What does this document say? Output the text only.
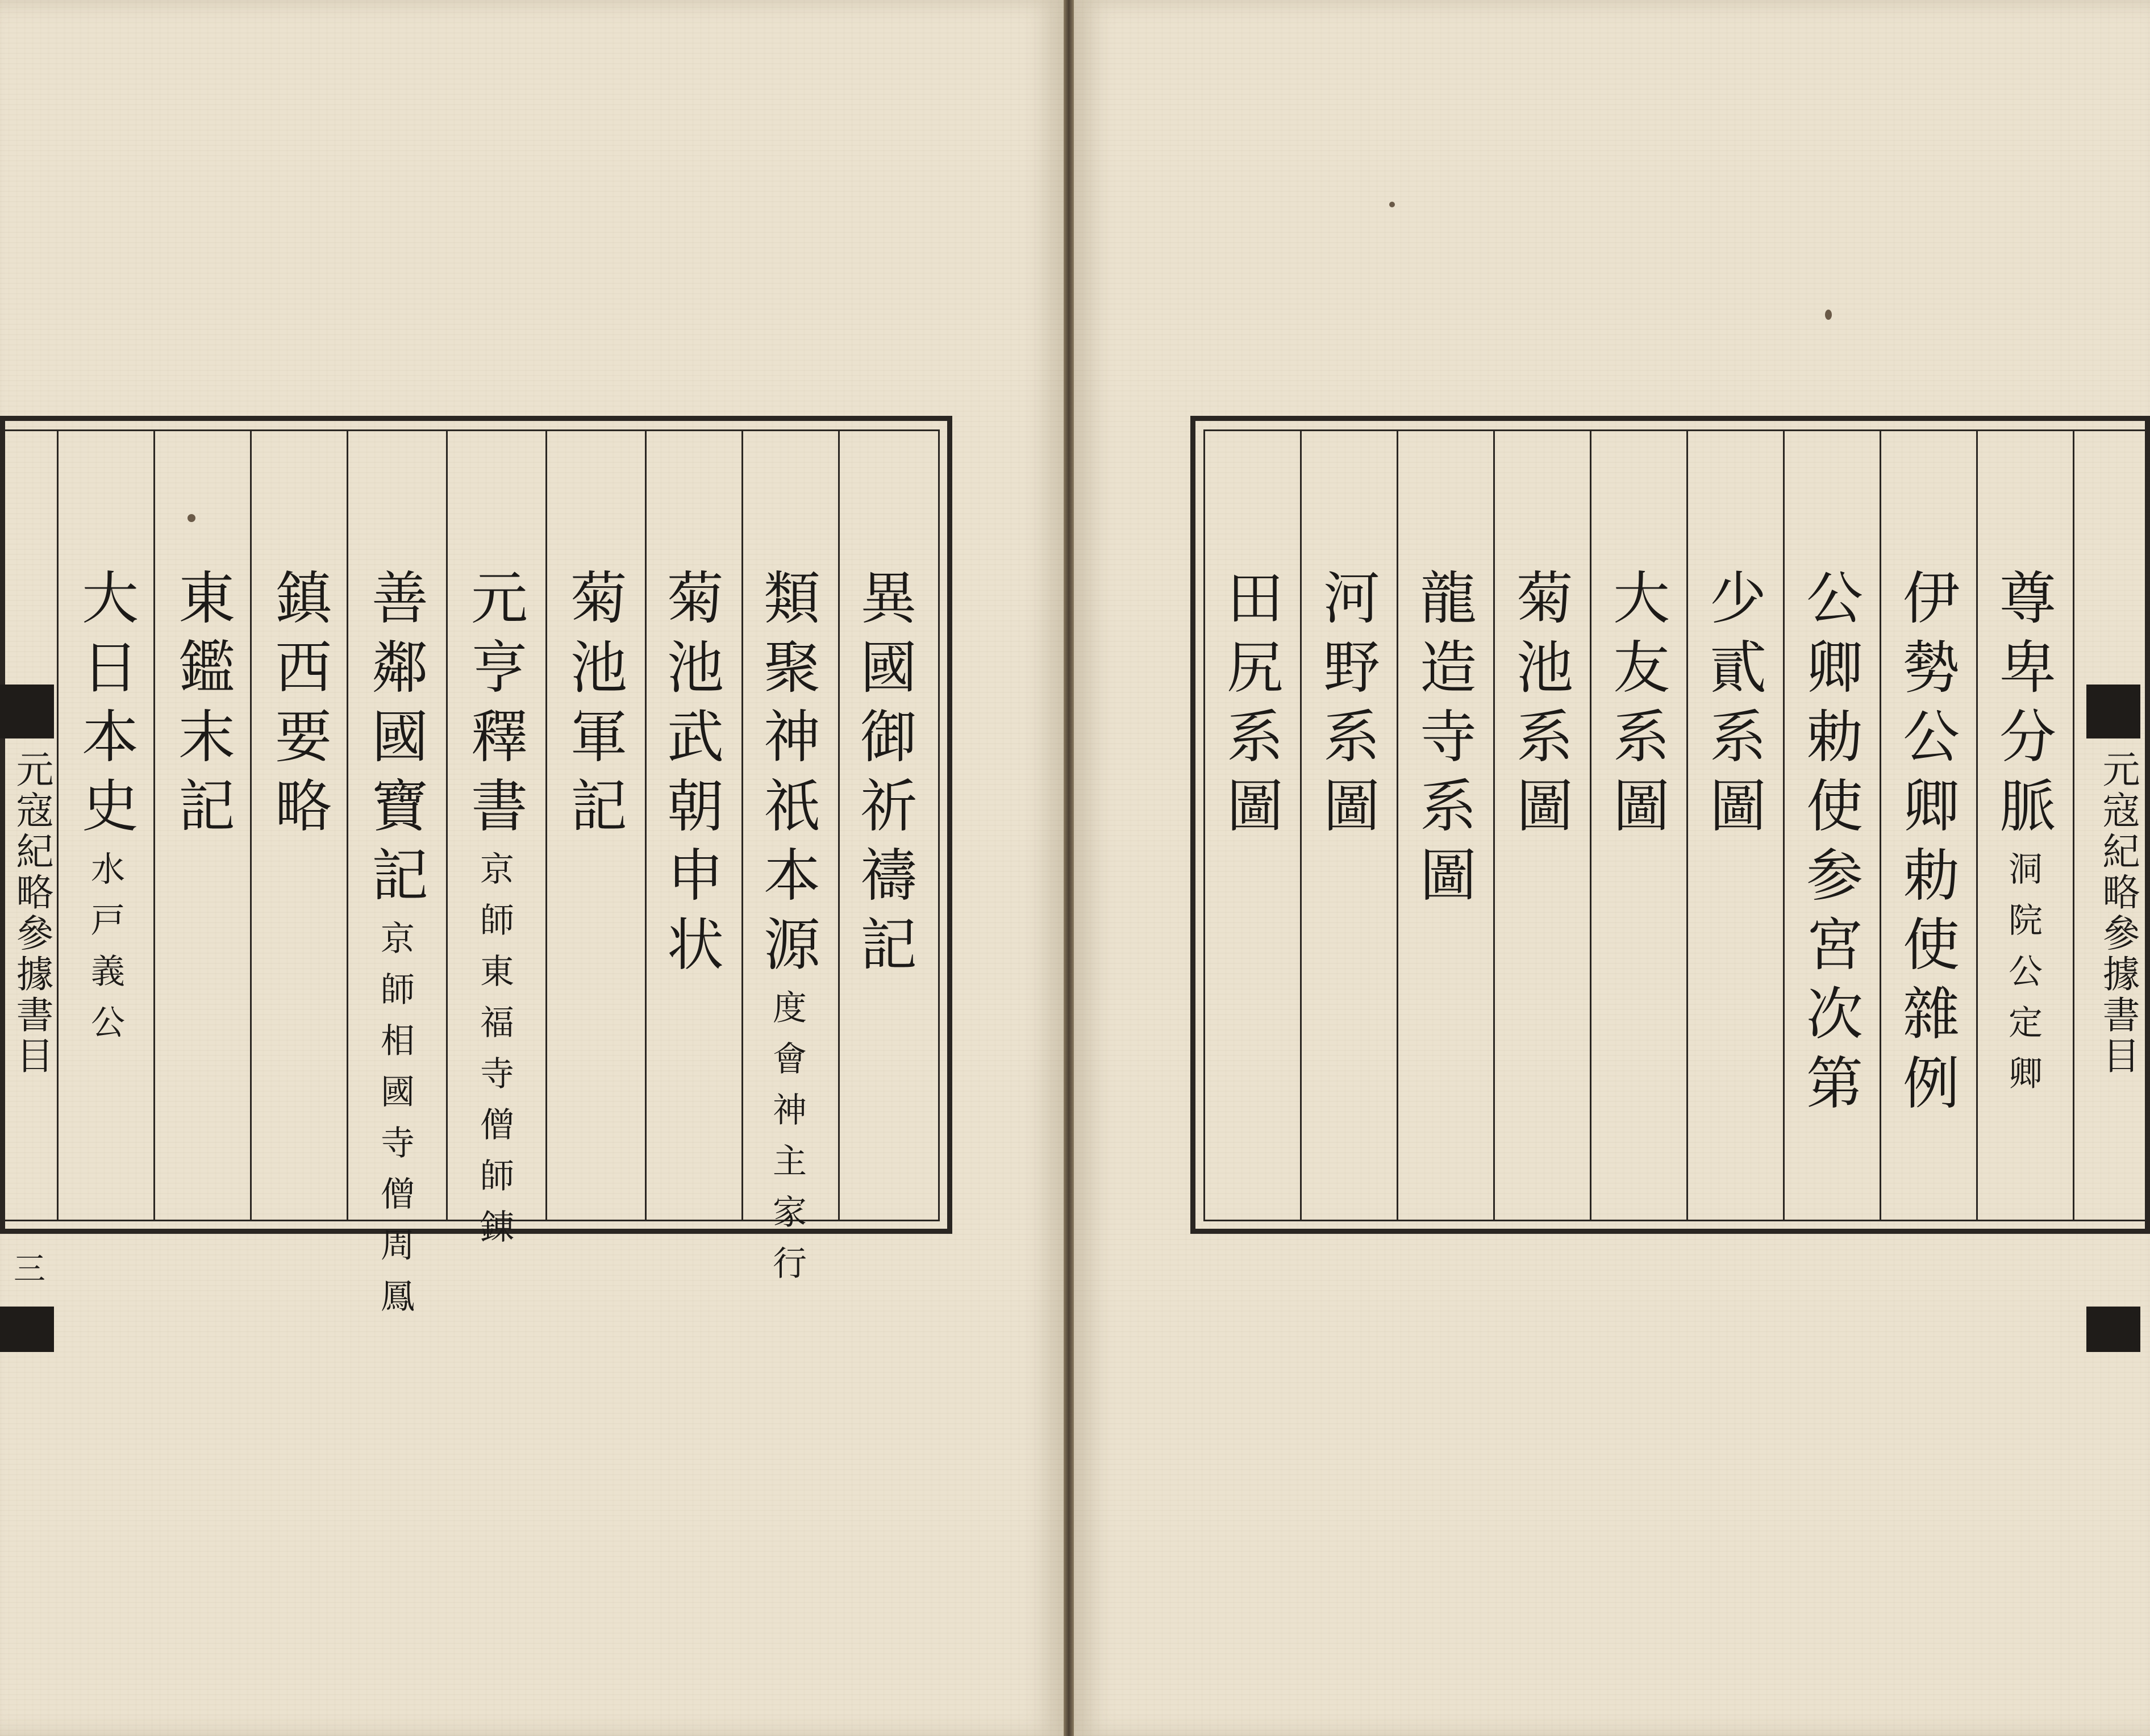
元寇紀略參據書目
三
異國御祈禱記
類聚神祇本源度會神主家行
菊池武朝申状
菊池軍記
元亨釋書京師東福寺僧師錬
善鄰國寶記京師相國寺僧周鳳
鎮西要略
東鑑末記
大日本史水戸義公	元寇紀略參據書目
尊卑分脈洞院公定卿
伊勢公卿勅使雜例
公卿勅使参宮次第
少貳系圖
大友系圖
菊池系圖
龍造寺系圖
河野系圖
田尻系圖
